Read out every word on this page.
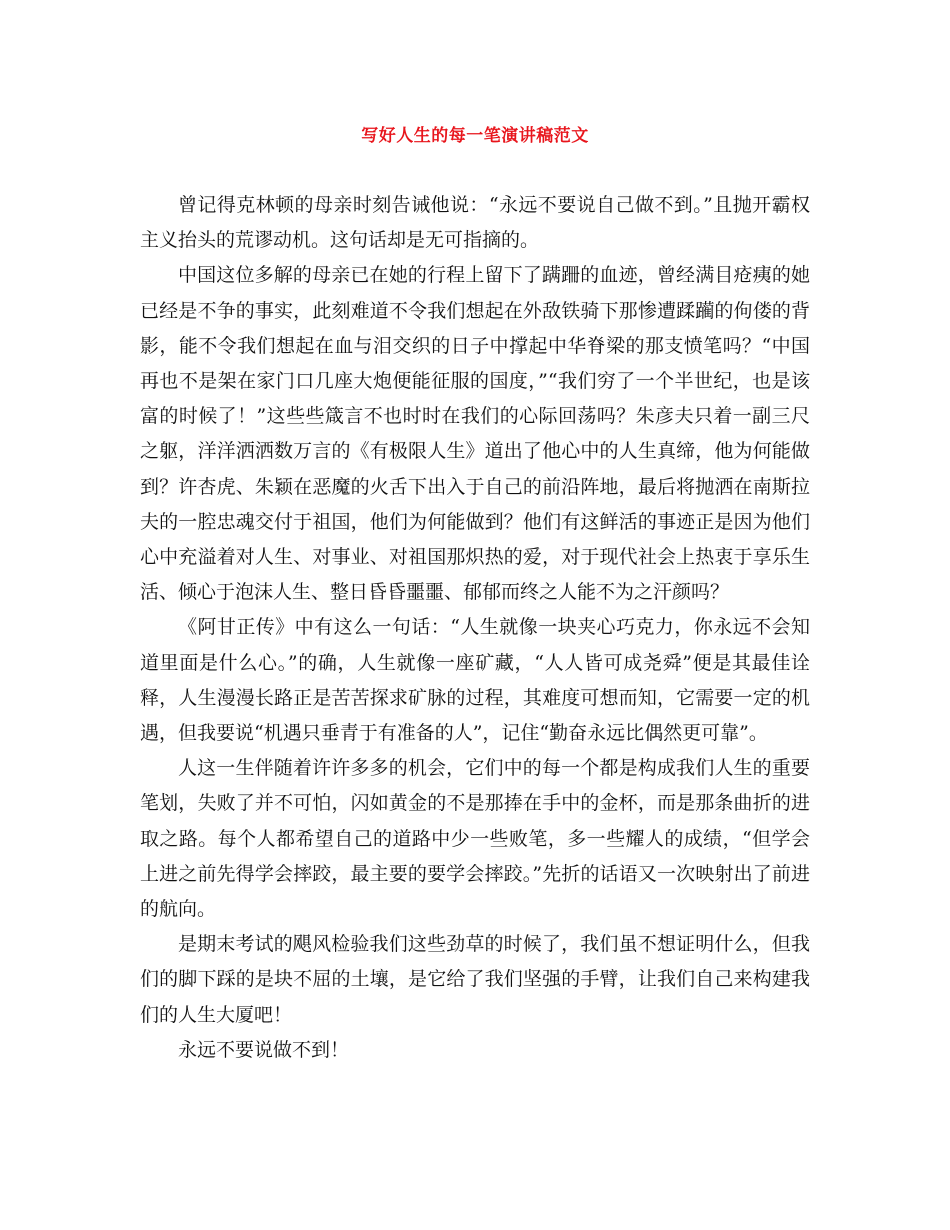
写好人生的每一笔演讲稿范文

曾记得克林顿的母亲时刻告诫他说：“永远不要说自己做不到。”且抛开霸权主义抬头的荒谬动机。这句话却是无可指摘的。

中国这位多解的母亲已在她的行程上留下了蹒跚的血迹，曾经满目疮痍的她已经是不争的事实，此刻难道不令我们想起在外敌铁骑下那惨遭蹂躏的佝偻的背影，能不令我们想起在血与泪交织的日子中撑起中华脊梁的那支愤笔吗？“中国再也不是架在家门口几座大炮便能征服的国度，”“我们穷了一个半世纪，也是该富的时候了！”这些些箴言不也时时在我们的心际回荡吗？朱彦夫只着一副三尺之躯，洋洋洒洒数万言的《有极限人生》道出了他心中的人生真缔，他为何能做到？许杏虎、朱颖在恶魔的火舌下出入于自己的前沿阵地，最后将抛洒在南斯拉夫的一腔忠魂交付于祖国，他们为何能做到？他们有这鲜活的事迹正是因为他们心中充溢着对人生、对事业、对祖国那炽热的爱，对于现代社会上热衷于享乐生活、倾心于泡沫人生、整日昏昏噩噩、郁郁而终之人能不为之汗颜吗？

《阿甘正传》中有这么一句话：“人生就像一块夹心巧克力，你永远不会知道里面是什么心。”的确，人生就像一座矿藏，“人人皆可成尧舜”便是其最佳诠释，人生漫漫长路正是苦苦探求矿脉的过程，其难度可想而知，它需要一定的机遇，但我要说“机遇只垂青于有准备的人”，记住“勤奋永远比偶然更可靠”。

人这一生伴随着许许多多的机会，它们中的每一个都是构成我们人生的重要笔划，失败了并不可怕，闪如黄金的不是那捧在手中的金杯，而是那条曲折的进取之路。每个人都希望自己的道路中少一些败笔，多一些耀人的成绩，“但学会上进之前先得学会摔跤，最主要的要学会摔跤。”先折的话语又一次映射出了前进的航向。

是期末考试的飓风检验我们这些劲草的时候了，我们虽不想证明什么，但我们的脚下踩的是块不屈的土壤，是它给了我们坚强的手臂，让我们自己来构建我们的人生大厦吧！

永远不要说做不到！
